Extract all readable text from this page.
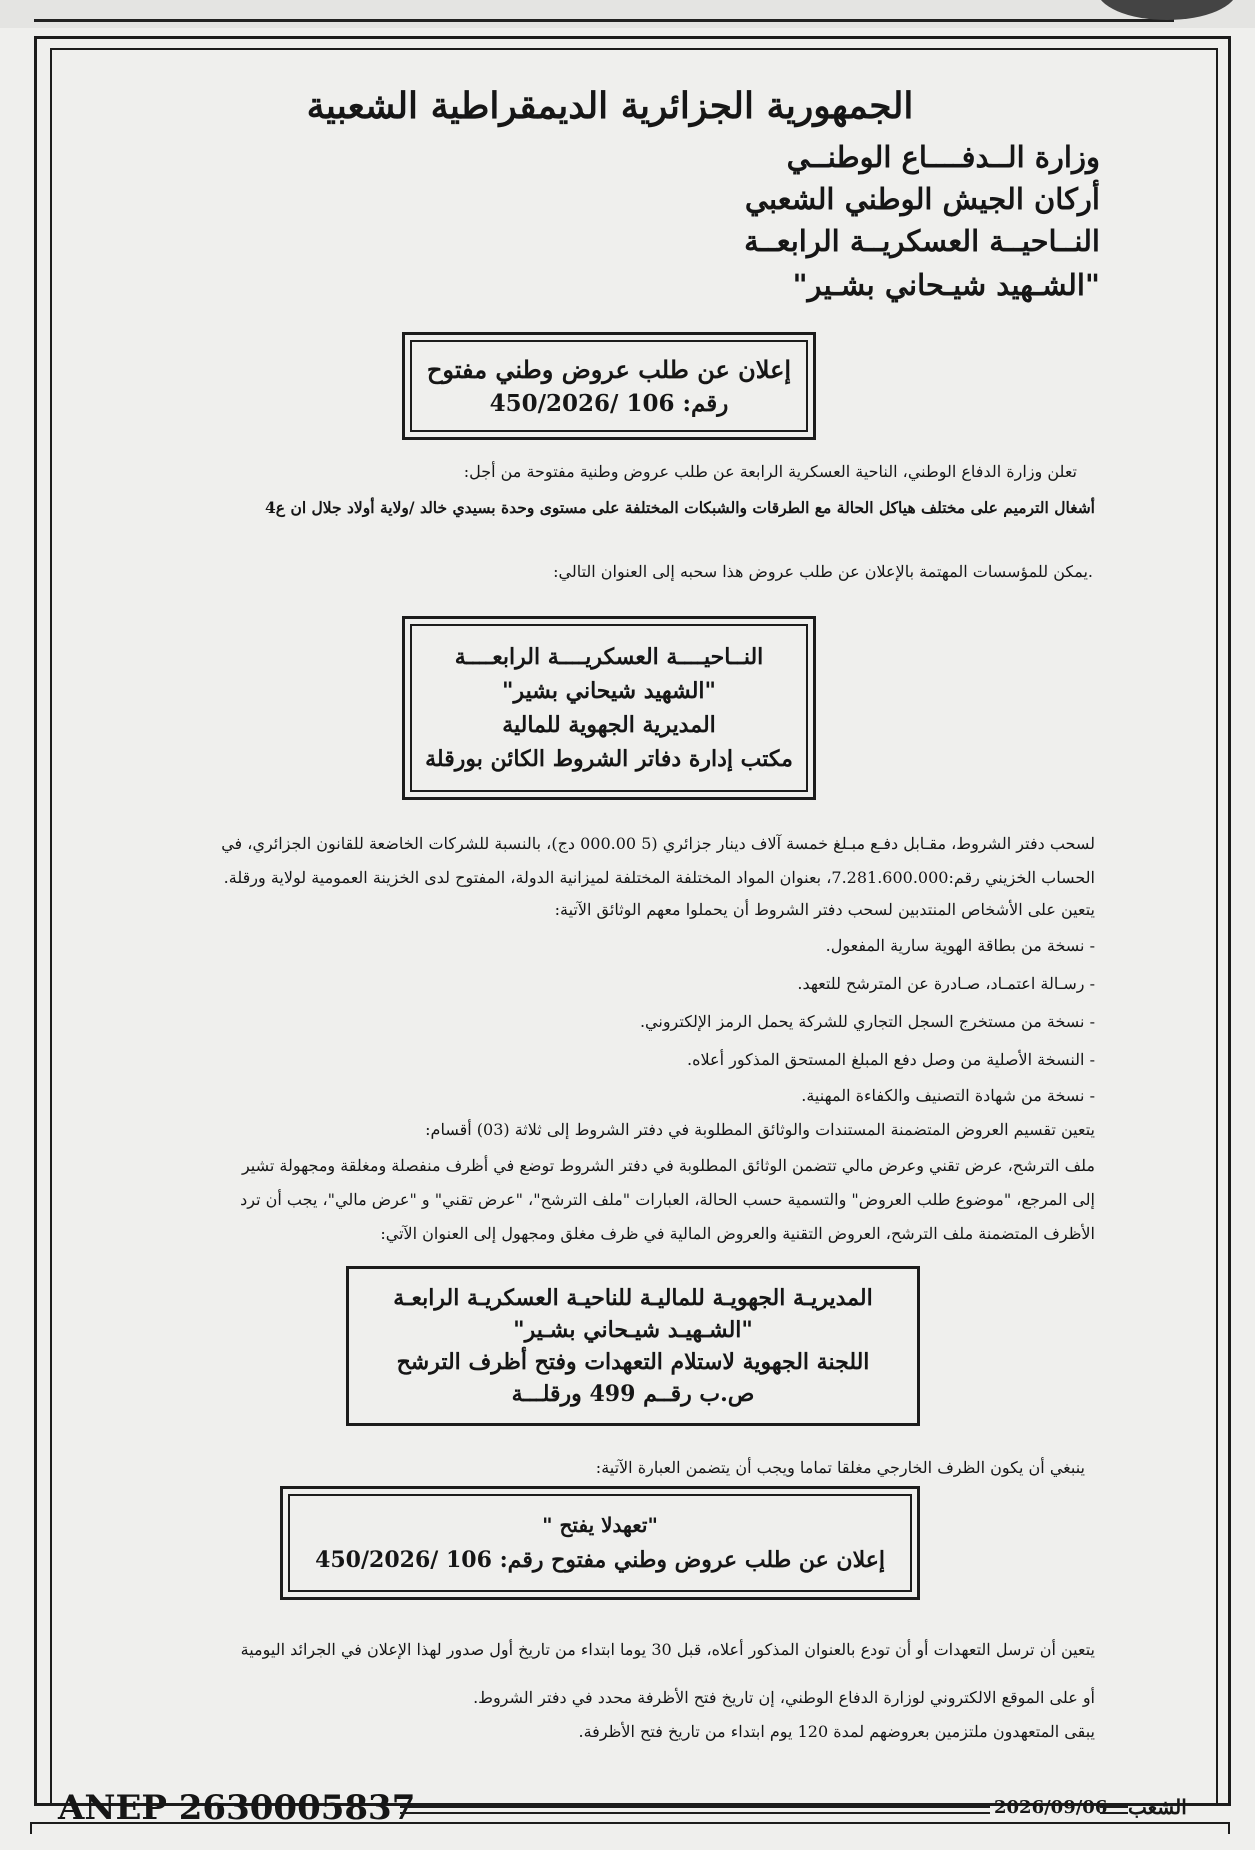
الجمهورية الجزائرية الديمقراطية الشعبية
وزارة الــدفــــاع الوطنــي
أركان الجيش الوطني الشعبي
النــاحيــة العسكريــة الرابعــة
"الشـهيد شيـحاني بشـير"
إعلان عن طلب عروض وطني مفتوح
رقم: 106 /450/2026
تعلن وزارة الدفاع الوطني، الناحية العسكرية الرابعة عن طلب عروض وطنية مفتوحة من أجل:
أشغال الترميم على مختلف هياكل الحالة مع الطرقات والشبكات المختلفة على مستوى وحدة بسيدي خالد /ولاية أولاد جلال ان ع4
.يمكن للمؤسسات المهتمة بالإعلان عن طلب عروض هذا سحبه إلى العنوان التالي:
النــاحيــــة العسكريــــة الرابعــــة
"الشهيد شيحاني بشير"
المديرية الجهوية للمالية
مكتب إدارة دفاتر الشروط الكائن بورقلة
لسحب دفتر الشروط، مقـابل دفـع مبـلغ خمسة آلاف دينار جزائري (5 000.00 دج)، بالنسبة للشركات الخاضعة للقانون الجزائري، في
الحساب الخزيني رقم:7.281.600.000، بعنوان المواد المختلفة المختلفة لميزانية الدولة، المفتوح لدى الخزينة العمومية لولاية ورقلة.
يتعين على الأشخاص المنتدبين لسحب دفتر الشروط أن يحملوا معهم الوثائق الآتية:
- نسخة من بطاقة الهوية سارية المفعول.
- رسـالة اعتمـاد، صـادرة عن المترشح للتعهد.
- نسخة من مستخرج السجل التجاري للشركة يحمل الرمز الإلكتروني.
- النسخة الأصلية من وصل دفع المبلغ المستحق المذكور أعلاه.
- نسخة من شهادة التصنيف والكفاءة المهنية.
يتعين تقسيم العروض المتضمنة المستندات والوثائق المطلوبة في دفتر الشروط إلى ثلاثة (03) أقسام:
ملف الترشح، عرض تقني وعرض مالي تتضمن الوثائق المطلوبة في دفتر الشروط توضع في أظرف منفصلة ومغلقة ومجهولة تشير
إلى المرجع، "موضوع طلب العروض" والتسمية حسب الحالة، العبارات "ملف الترشح"، "عرض تقني" و "عرض مالي"، يجب أن ترد
الأظرف المتضمنة ملف الترشح، العروض التقنية والعروض المالية في ظرف مغلق ومجهول إلى العنوان الآتي:
المديريـة الجهويـة للماليـة للناحيـة العسكريـة الرابعـة
"الشـهيـد شيـحاني بشـير"
اللجنة الجهوية لاستلام التعهدات وفتح أظرف الترشح
ص.ب رقــم 499 ورقلـــة
ينبغي أن يكون الظرف الخارجي مغلقا تماما ويجب أن يتضمن العبارة الآتية:
"تعهدلا يفتح "
إعلان عن طلب عروض وطني مفتوح رقم: 106 /450/2026
يتعين أن ترسل التعهدات أو أن تودع بالعنوان المذكور أعلاه، قبل 30 يوما ابتداء من تاريخ أول صدور لهذا الإعلان في الجرائد اليومية
أو على الموقع الالكتروني لوزارة الدفاع الوطني، إن تاريخ فتح الأظرفة محدد في دفتر الشروط.
يبقى المتعهدون ملتزمين بعروضهم لمدة 120 يوم ابتداء من تاريخ فتح الأظرفة.
ANEP 2630005837	2026/09/06 الشعب
